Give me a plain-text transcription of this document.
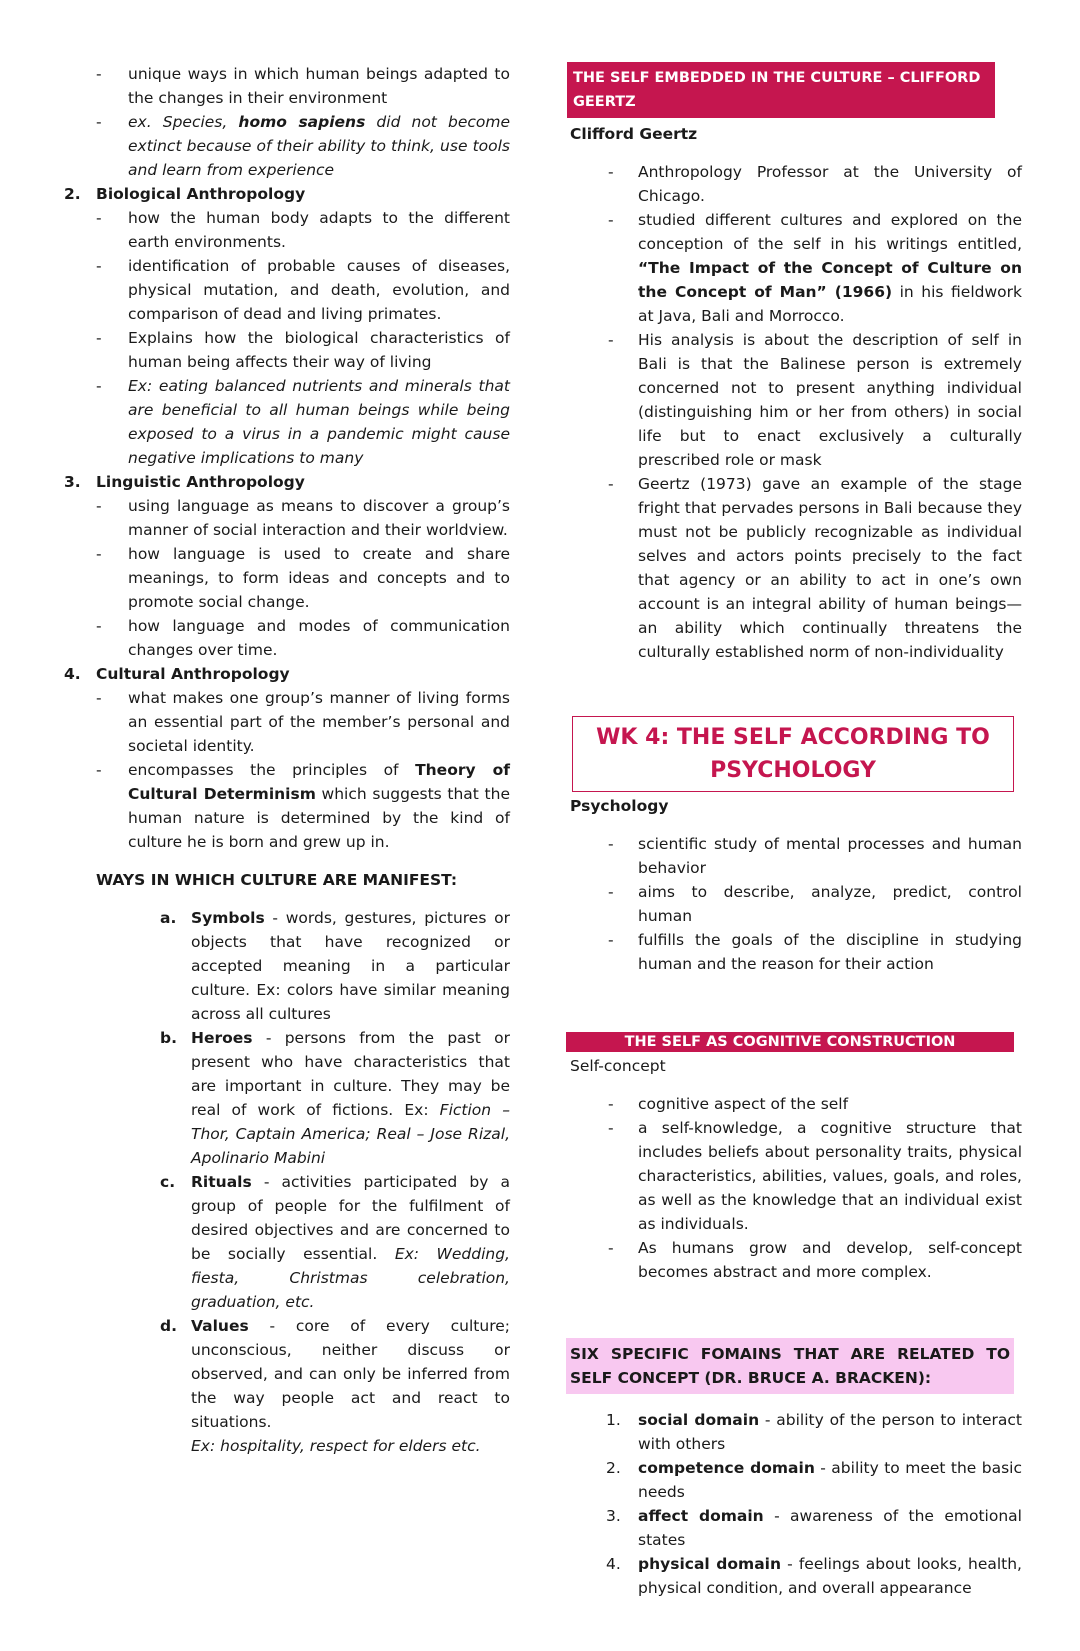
- unique ways in which human beings adapted to the changes in their environment
- ex. Species, homo sapiens did not become extinct because of their ability to think, use tools and learn from experience
2. Biological Anthropology
- how the human body adapts to the different earth environments.
- identification of probable causes of diseases, physical mutation, and death, evolution, and comparison of dead and living primates.
- Explains how the biological characteristics of human being affects their way of living
- Ex: eating balanced nutrients and minerals that are beneficial to all human beings while being exposed to a virus in a pandemic might cause negative implications to many
3. Linguistic Anthropology
- using language as means to discover a group’s manner of social interaction and their worldview.
- how language is used to create and share meanings, to form ideas and concepts and to promote social change.
- how language and modes of communication changes over time.
4. Cultural Anthropology
- what makes one group’s manner of living forms an essential part of the member’s personal and societal identity.
- encompasses the principles of Theory of Cultural Determinism which suggests that the human nature is determined by the kind of culture he is born and grew up in.
WAYS IN WHICH CULTURE ARE MANIFEST:
a. Symbols - words, gestures, pictures or objects that have recognized or accepted meaning in a particular culture. Ex: colors have similar meaning across all cultures
b. Heroes - persons from the past or present who have characteristics that are important in culture. They may be real of work of fictions. Ex: Fiction – Thor, Captain America; Real – Jose Rizal, Apolinario Mabini
c. Rituals - activities participated by a group of people for the fulfilment of desired objectives and are concerned to be socially essential. Ex: Wedding, fiesta, Christmas celebration, graduation, etc.
d. Values - core of every culture; unconscious, neither discuss or observed, and can only be inferred from the way people act and react to situations.
Ex: hospitality, respect for elders etc.
THE SELF EMBEDDED IN THE CULTURE – CLIFFORD GEERTZ
Clifford Geertz
- Anthropology Professor at the University of Chicago.
- studied different cultures and explored on the conception of the self in his writings entitled, “The Impact of the Concept of Culture on the Concept of Man” (1966) in his fieldwork at Java, Bali and Morrocco.
- His analysis is about the description of self in Bali is that the Balinese person is extremely concerned not to present anything individual (distinguishing him or her from others) in social life but to enact exclusively a culturally prescribed role or mask
- Geertz (1973) gave an example of the stage fright that pervades persons in Bali because they must not be publicly recognizable as individual selves and actors points precisely to the fact that agency or an ability to act in one’s own account is an integral ability of human beings—an ability which continually threatens the culturally established norm of non-individuality
WK 4: THE SELF ACCORDING TO PSYCHOLOGY
Psychology
- scientific study of mental processes and human behavior
- aims to describe, analyze, predict, control human
- fulfills the goals of the discipline in studying human and the reason for their action
THE SELF AS COGNITIVE CONSTRUCTION
Self-concept
- cognitive aspect of the self
- a self-knowledge, a cognitive structure that includes beliefs about personality traits, physical characteristics, abilities, values, goals, and roles, as well as the knowledge that an individual exist as individuals.
- As humans grow and develop, self-concept becomes abstract and more complex.
SIX SPECIFIC FOMAINS THAT ARE RELATED TO SELF CONCEPT (DR. BRUCE A. BRACKEN):
1. social domain - ability of the person to interact with others
2. competence domain - ability to meet the basic needs
3. affect domain - awareness of the emotional states
4. physical domain - feelings about looks, health, physical condition, and overall appearance
